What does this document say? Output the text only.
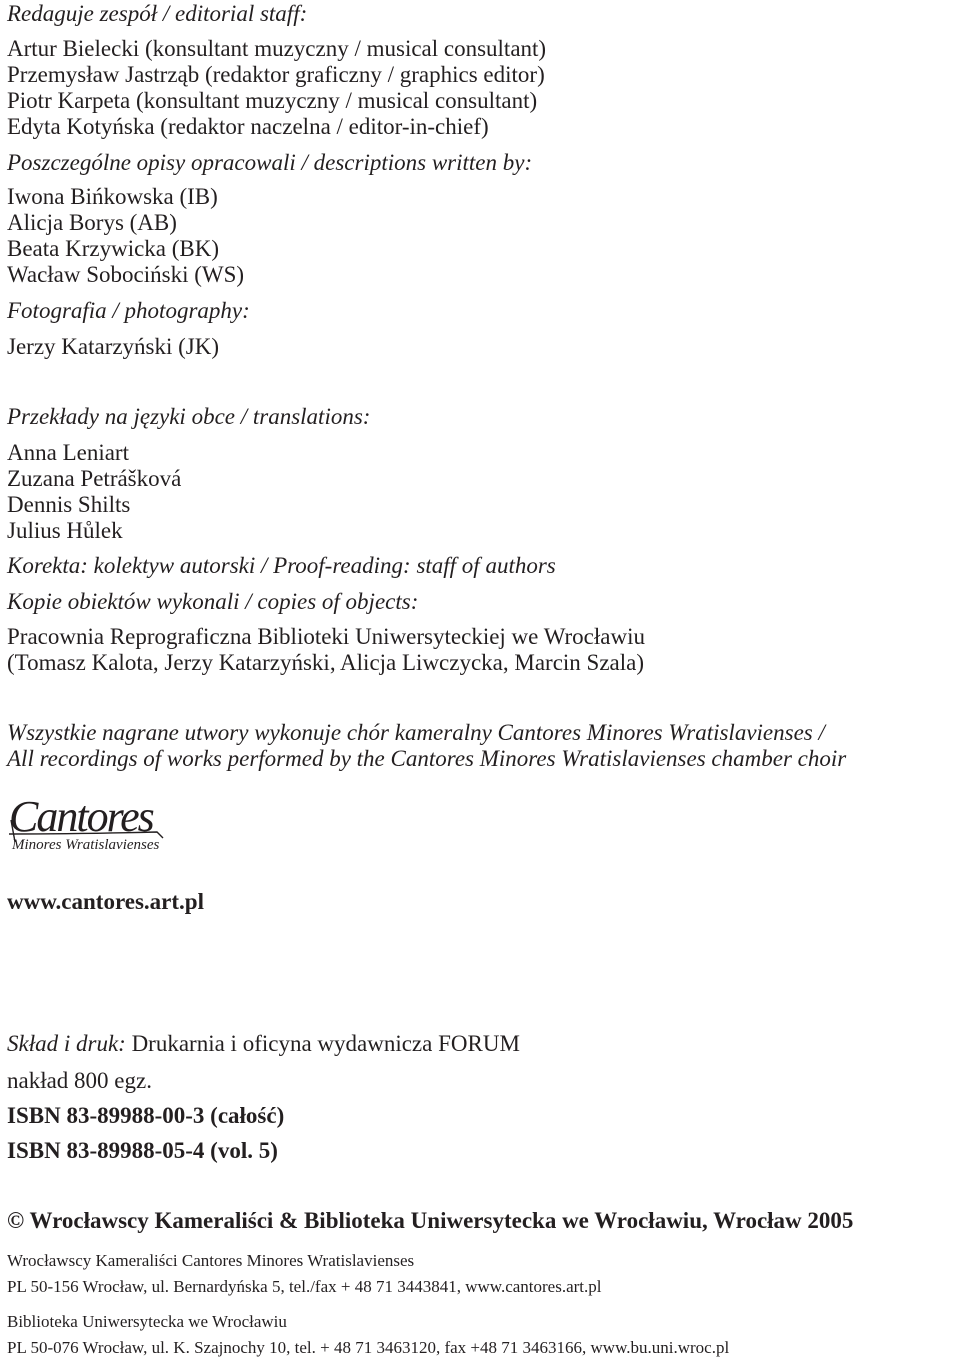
Redaguje zespół / editorial staff:

Artur Bielecki (konsultant muzyczny / musical consultant)

Przemysław Jastrząb (redaktor graficzny / graphics editor)

Piotr Karpeta (konsultant muzyczny / musical consultant)

Edyta Kotyńska (redaktor naczelna / editor-in-chief)

Poszczególne opisy opracowali / descriptions written by:

Iwona Bińkowska (IB)

Alicja Borys (AB)

Beata Krzywicka (BK)

Wacław Sobociński (WS)

Fotografia / photography:

Jerzy Katarzyński (JK)

Przekłady na języki obce / translations:

Anna Leniart

Zuzana Petrášková

Dennis Shilts

Julius Hůlek

Korekta: kolektyw autorski / Proof-reading: staff of authors

Kopie obiektów wykonali / copies of objects:

Pracownia Reprograficzna Biblioteki Uniwersyteckiej we Wrocławiu

(Tomasz Kalota, Jerzy Katarzyński, Alicja Liwczycka, Marcin Szala)

Wszystkie nagrane utwory wykonuje chór kameralny Cantores Minores Wratislavienses /

All recordings of works performed by the Cantores Minores Wratislavienses chamber choir

Cantores
Minores Wratislavienses

www.cantores.art.pl

Skład i druk: Drukarnia i oficyna wydawnicza FORUM

nakład 800 egz.

ISBN 83-89988-00-3 (całość)

ISBN 83-89988-05-4 (vol. 5)

© Wrocławscy Kameraliści & Biblioteka Uniwersytecka we Wrocławiu, Wrocław 2005

Wrocławscy Kameraliści Cantores Minores Wratislavienses

PL 50-156 Wrocław, ul. Bernardyńska 5, tel./fax + 48 71 3443841, www.cantores.art.pl

Biblioteka Uniwersytecka we Wrocławiu

PL 50-076 Wrocław, ul. K. Szajnochy 10, tel. + 48 71 3463120, fax +48 71 3463166, www.bu.uni.wroc.pl
